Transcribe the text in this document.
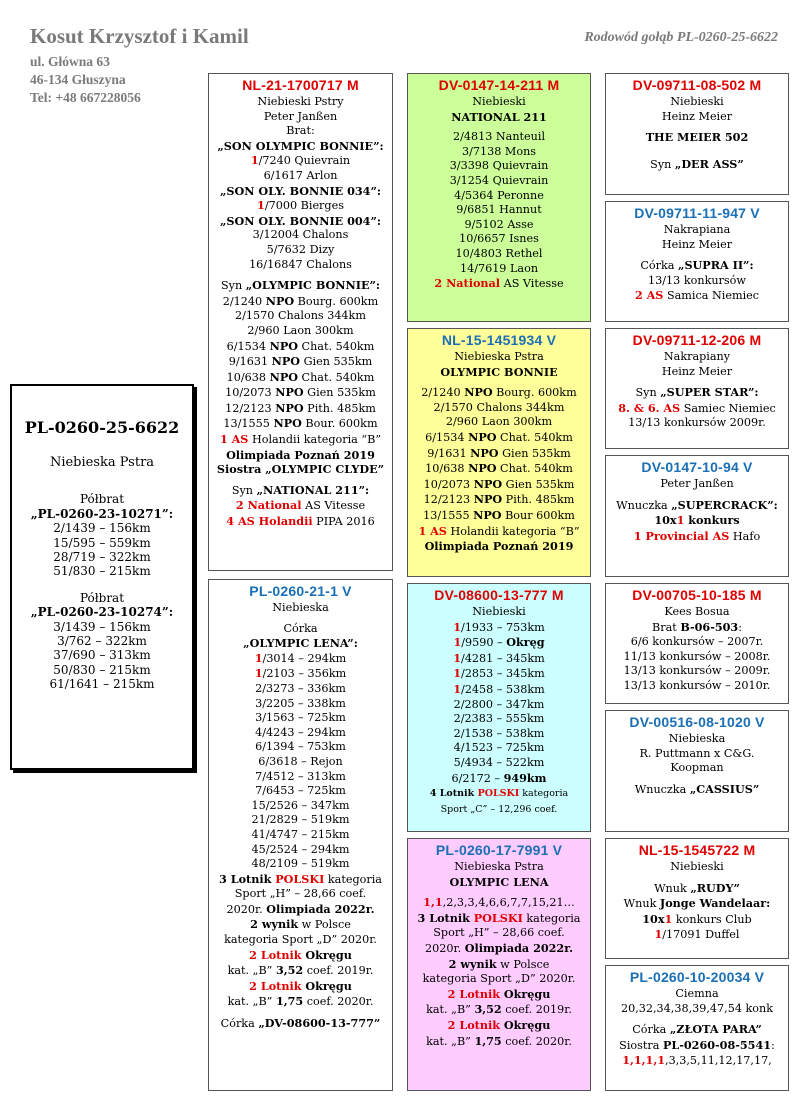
Kosut Krzysztof i Kamil
ul. Główna 63
46-134 Głuszyna
Tel: +48 667228056
Rodowód gołąb PL-0260-25-6622
PL-0260-25-6622
Niebieska Pstra
Półbrat
„PL-0260-23-10271”:
2/1439 – 156km
15/595 – 559km
28/719 – 322km
51/830 – 215km
Półbrat
„PL-0260-23-10274”:
3/1439 – 156km
3/762 – 322km
37/690 – 313km
50/830 – 215km
61/1641 – 215km
NL-21-1700717 M
Niebieski Pstry
Peter Janßen
Brat:
„SON OLYMPIC BONNIE”:
1/7240 Quievrain
6/1617 Arlon
„SON OLY. BONNIE 034”:
1/7000 Bierges
„SON OLY. BONNIE 004”:
3/12004 Chalons
5/7632 Dizy
16/16847 Chalons
Syn „OLYMPIC BONNIE”:
2/1240 NPO Bourg. 600km
2/1570 Chalons 344km
2/960 Laon 300km
6/1534 NPO Chat. 540km
9/1631 NPO Gien 535km
10/638 NPO Chat. 540km
10/2073 NPO Gien 535km
12/2123 NPO Pith. 485km
13/1555 NPO Bour. 600km
1 AS Holandii kategoria “B”
Olimpiada Poznań 2019
Siostra „OLYMPIC CLYDE”
Syn „NATIONAL 211”:
2 National AS Vitesse
4 AS Holandii PIPA 2016
PL-0260-21-1 V
Niebieska
Córka
„OLYMPIC LENA”:
1/3014 – 294km
1/2103 – 356km
2/3273 – 336km
3/2205 – 338km
3/1563 – 725km
4/4243 – 294km
6/1394 – 753km
6/3618 – Rejon
7/4512 – 313km
7/6453 – 725km
15/2526 – 347km
21/2829 – 519km
41/4747 – 215km
45/2524 – 294km
48/2109 – 519km
3 Lotnik POLSKI kategoria
Sport „H” – 28,66 coef.
2020r. Olimpiada 2022r.
2 wynik w Polsce
kategoria Sport „D” 2020r.
2 Lotnik Okręgu
kat. „B” 3,52 coef. 2019r.
2 Lotnik Okręgu
kat. „B” 1,75 coef. 2020r.
Córka „DV-08600-13-777”
DV-0147-14-211 M
Niebieski
NATIONAL 211
2/4813 Nanteuil
3/7138 Mons
3/3398 Quievrain
3/1254 Quievrain
4/5364 Peronne
9/6851 Hannut
9/5102 Asse
10/6657 Isnes
10/4803 Rethel
14/7619 Laon
2 National AS Vitesse
NL-15-1451934 V
Niebieska Pstra
OLYMPIC BONNIE
2/1240 NPO Bourg. 600km
2/1570 Chalons 344km
2/960 Laon 300km
6/1534 NPO Chat. 540km
9/1631 NPO Gien 535km
10/638 NPO Chat. 540km
10/2073 NPO Gien 535km
12/2123 NPO Pith. 485km
13/1555 NPO Bour 600km
1 AS Holandii kategoria “B”
Olimpiada Poznań 2019
DV-08600-13-777 M
Niebieski
1/1933 – 753km
1/9590 – Okręg
1/4281 – 345km
1/2853 – 345km
1/2458 – 538km
2/2800 – 347km
2/2383 – 555km
2/1538 – 538km
4/1523 – 725km
5/4934 – 522km
6/2172 – 949km
4 Lotnik POLSKI kategoria
Sport „C” – 12,296 coef.
PL-0260-17-7991 V
Niebieska Pstra
OLYMPIC LENA
1,1,2,3,3,4,6,6,7,7,15,21…
3 Lotnik POLSKI kategoria
Sport „H” – 28,66 coef.
2020r. Olimpiada 2022r.
2 wynik w Polsce
kategoria Sport „D” 2020r.
2 Lotnik Okręgu
kat. „B” 3,52 coef. 2019r.
2 Lotnik Okręgu
kat. „B” 1,75 coef. 2020r.
DV-09711-08-502 M
Niebieski
Heinz Meier
THE MEIER 502
Syn „DER ASS”
DV-09711-11-947 V
Nakrapiana
Heinz Meier
Córka „SUPRA II”:
13/13 konkursów
2 AS Samica Niemiec
DV-09711-12-206 M
Nakrapiany
Heinz Meier
Syn „SUPER STAR”:
8. & 6. AS Samiec Niemiec
13/13 konkursów 2009r.
DV-0147-10-94 V
Peter Janßen
Wnuczka „SUPERCRACK”:
10x1 konkurs
1 Provincial AS Hafo
DV-00705-10-185 M
Kees Bosua
Brat B-06-503:
6/6 konkursów – 2007r.
11/13 konkursów – 2008r.
13/13 konkursów – 2009r.
13/13 konkursów – 2010r.
DV-00516-08-1020 V
Niebieska
R. Puttmann x C&G.
Koopman
Wnuczka „CASSIUS”
NL-15-1545722 M
Niebieski
Wnuk „RUDY”
Wnuk Jonge Wandelaar:
10x1 konkurs Club
1/17091 Duffel
PL-0260-10-20034 V
Ciemna
20,32,34,38,39,47,54 konk
Córka „ZŁOTA PARA”
Siostra PL-0260-08-5541:
1,1,1,1,3,3,5,11,12,17,17,
